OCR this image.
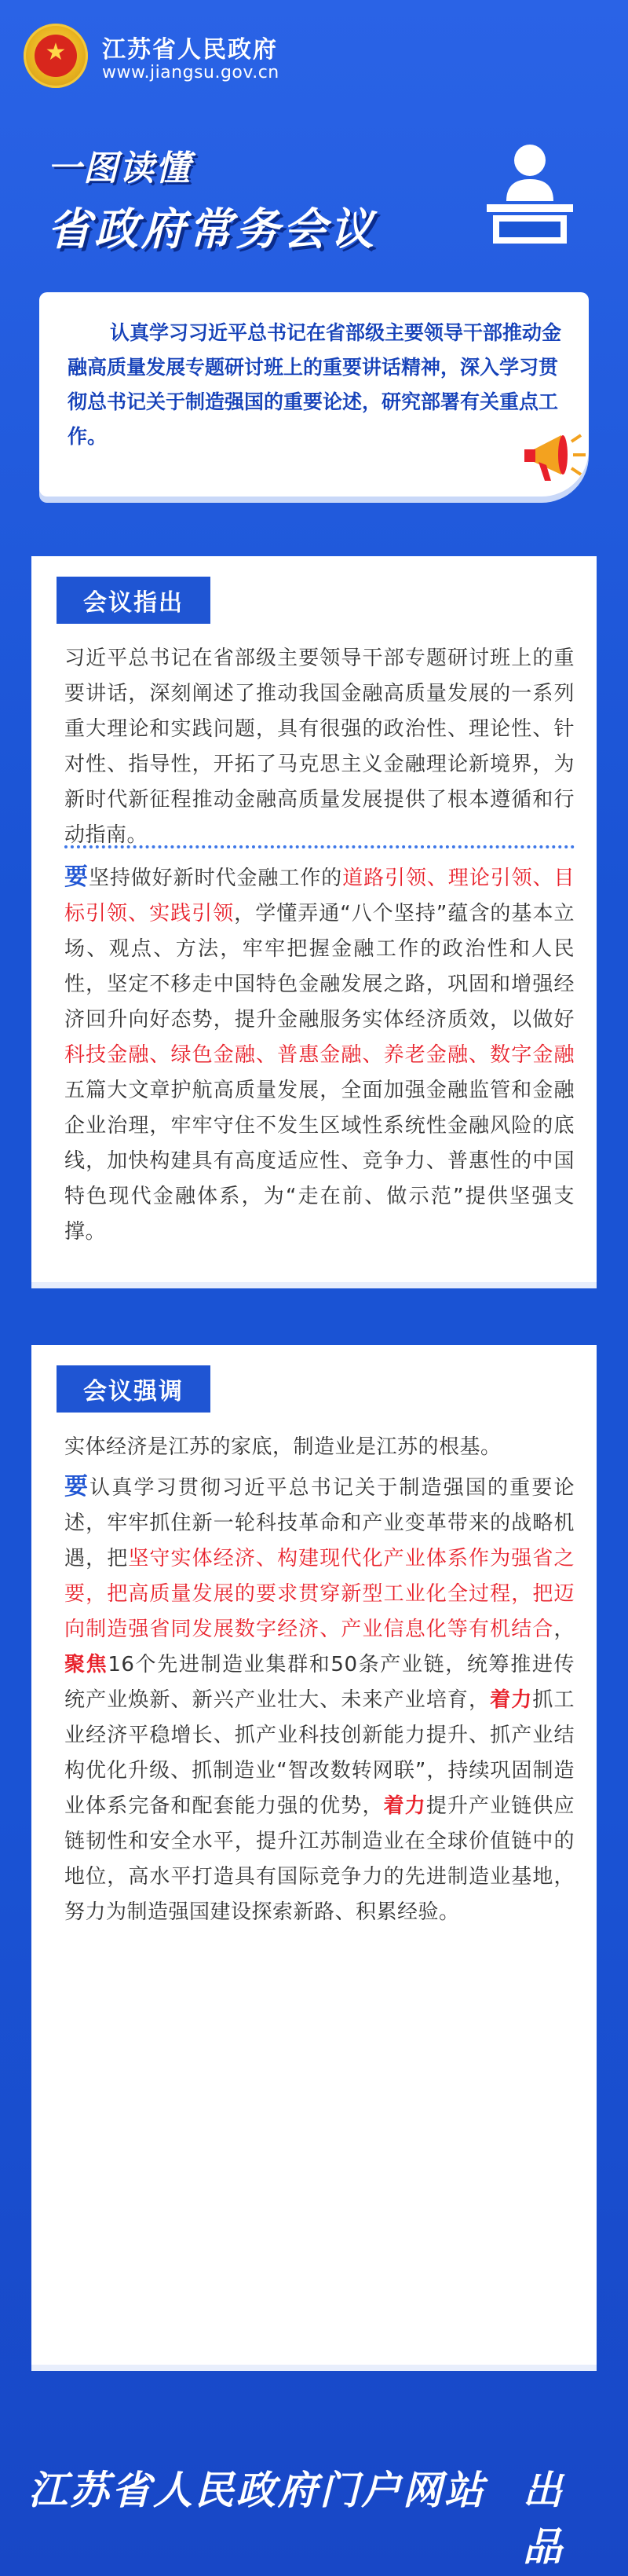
★	江苏省人民政府
www.jiangsu.gov.cn
一图读懂
省政府常务会议
认真学习习近平总书记在省部级主要领导干部推动金融高质量发展专题研讨班上的重要讲话精神，深入学习贯彻总书记关于制造强国的重要论述，研究部署有关重点工作。
会议指出
习近平总书记在省部级主要领导干部专题研讨班上的重要讲话，深刻阐述了推动我国金融高质量发展的一系列重大理论和实践问题，具有很强的政治性、理论性、针对性、指导性，开拓了马克思主义金融理论新境界，为新时代新征程推动金融高质量发展提供了根本遵循和行动指南。
要坚持做好新时代金融工作的道路引领、理论引领、目标引领、实践引领，学懂弄通“八个坚持”蕴含的基本立场、观点、方法，牢牢把握金融工作的政治性和人民性，坚定不移走中国特色金融发展之路，巩固和增强经济回升向好态势，提升金融服务实体经济质效，以做好科技金融、绿色金融、普惠金融、养老金融、数字金融五篇大文章护航高质量发展，全面加强金融监管和金融企业治理，牢牢守住不发生区域性系统性金融风险的底线，加快构建具有高度适应性、竞争力、普惠性的中国特色现代金融体系，为“走在前、做示范”提供坚强支撑。
会议强调
实体经济是江苏的家底，制造业是江苏的根基。
要认真学习贯彻习近平总书记关于制造强国的重要论述，牢牢抓住新一轮科技革命和产业变革带来的战略机遇，把坚守实体经济、构建现代化产业体系作为强省之要，把高质量发展的要求贯穿新型工业化全过程，把迈向制造强省同发展数字经济、产业信息化等有机结合，聚焦16个先进制造业集群和50条产业链，统筹推进传统产业焕新、新兴产业壮大、未来产业培育，着力抓工业经济平稳增长、抓产业科技创新能力提升、抓产业结构优化升级、抓制造业“智改数转网联”，持续巩固制造业体系完备和配套能力强的优势，着力提升产业链供应链韧性和安全水平，提升江苏制造业在全球价值链中的地位，高水平打造具有国际竞争力的先进制造业基地，努力为制造强国建设探索新路、积累经验。
江苏省人民政府门户网站 出品
